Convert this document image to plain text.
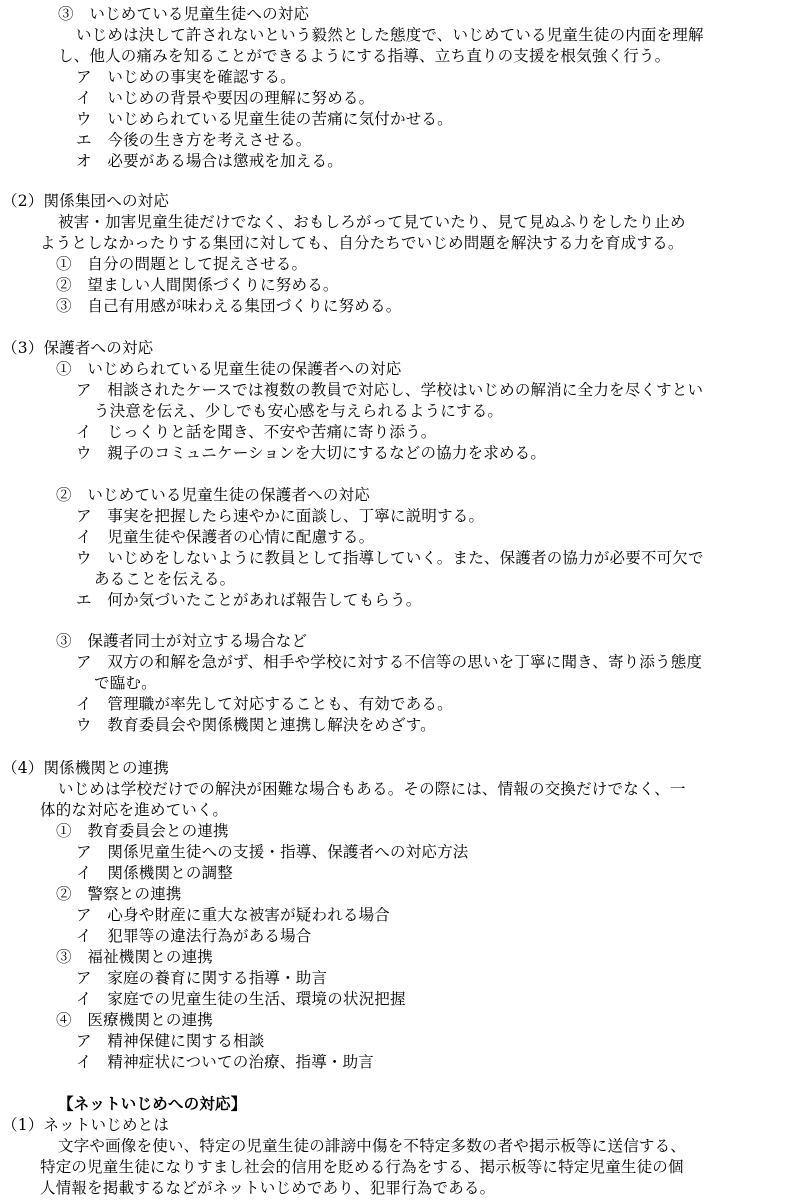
③　いじめている児童生徒への対応
いじめは決して許されないという毅然とした態度で、いじめている児童生徒の内面を理解
し、他人の痛みを知ることができるようにする指導、立ち直りの支援を根気強く行う。
ア　いじめの事実を確認する。
イ　いじめの背景や要因の理解に努める。
ウ　いじめられている児童生徒の苦痛に気付かせる。
エ　今後の生き方を考えさせる。
オ　必要がある場合は懲戒を加える。
（2）関係集団への対応
被害・加害児童生徒だけでなく、おもしろがって見ていたり、見て見ぬふりをしたり止め
ようとしなかったりする集団に対しても、自分たちでいじめ問題を解決する力を育成する。
①　自分の問題として捉えさせる。
②　望ましい人間関係づくりに努める。
③　自己有用感が味わえる集団づくりに努める。
（3）保護者への対応
①　いじめられている児童生徒の保護者への対応
ア　相談されたケースでは複数の教員で対応し、学校はいじめの解消に全力を尽くすとい
う決意を伝え、少しでも安心感を与えられるようにする。
イ　じっくりと話を聞き、不安や苦痛に寄り添う。
ウ　親子のコミュニケーションを大切にするなどの協力を求める。
②　いじめている児童生徒の保護者への対応
ア　事実を把握したら速やかに面談し、丁寧に説明する。
イ　児童生徒や保護者の心情に配慮する。
ウ　いじめをしないように教員として指導していく。また、保護者の協力が必要不可欠で
あることを伝える。
エ　何か気づいたことがあれば報告してもらう。
③　保護者同士が対立する場合など
ア　双方の和解を急がず、相手や学校に対する不信等の思いを丁寧に聞き、寄り添う態度
で臨む。
イ　管理職が率先して対応することも、有効である。
ウ　教育委員会や関係機関と連携し解決をめざす。
（4）関係機関との連携
いじめは学校だけでの解決が困難な場合もある。その際には、情報の交換だけでなく、一
体的な対応を進めていく。
①　教育委員会との連携
ア　関係児童生徒への支援・指導、保護者への対応方法
イ　関係機関との調整
②　警察との連携
ア　心身や財産に重大な被害が疑われる場合
イ　犯罪等の違法行為がある場合
③　福祉機関との連携
ア　家庭の養育に関する指導・助言
イ　家庭での児童生徒の生活、環境の状況把握
④　医療機関との連携
ア　精神保健に関する相談
イ　精神症状についての治療、指導・助言
【ネットいじめへの対応】
（1）ネットいじめとは
文字や画像を使い、特定の児童生徒の誹謗中傷を不特定多数の者や掲示板等に送信する、
特定の児童生徒になりすまし社会的信用を貶める行為をする、掲示板等に特定児童生徒の個
人情報を掲載するなどがネットいじめであり、犯罪行為である。
